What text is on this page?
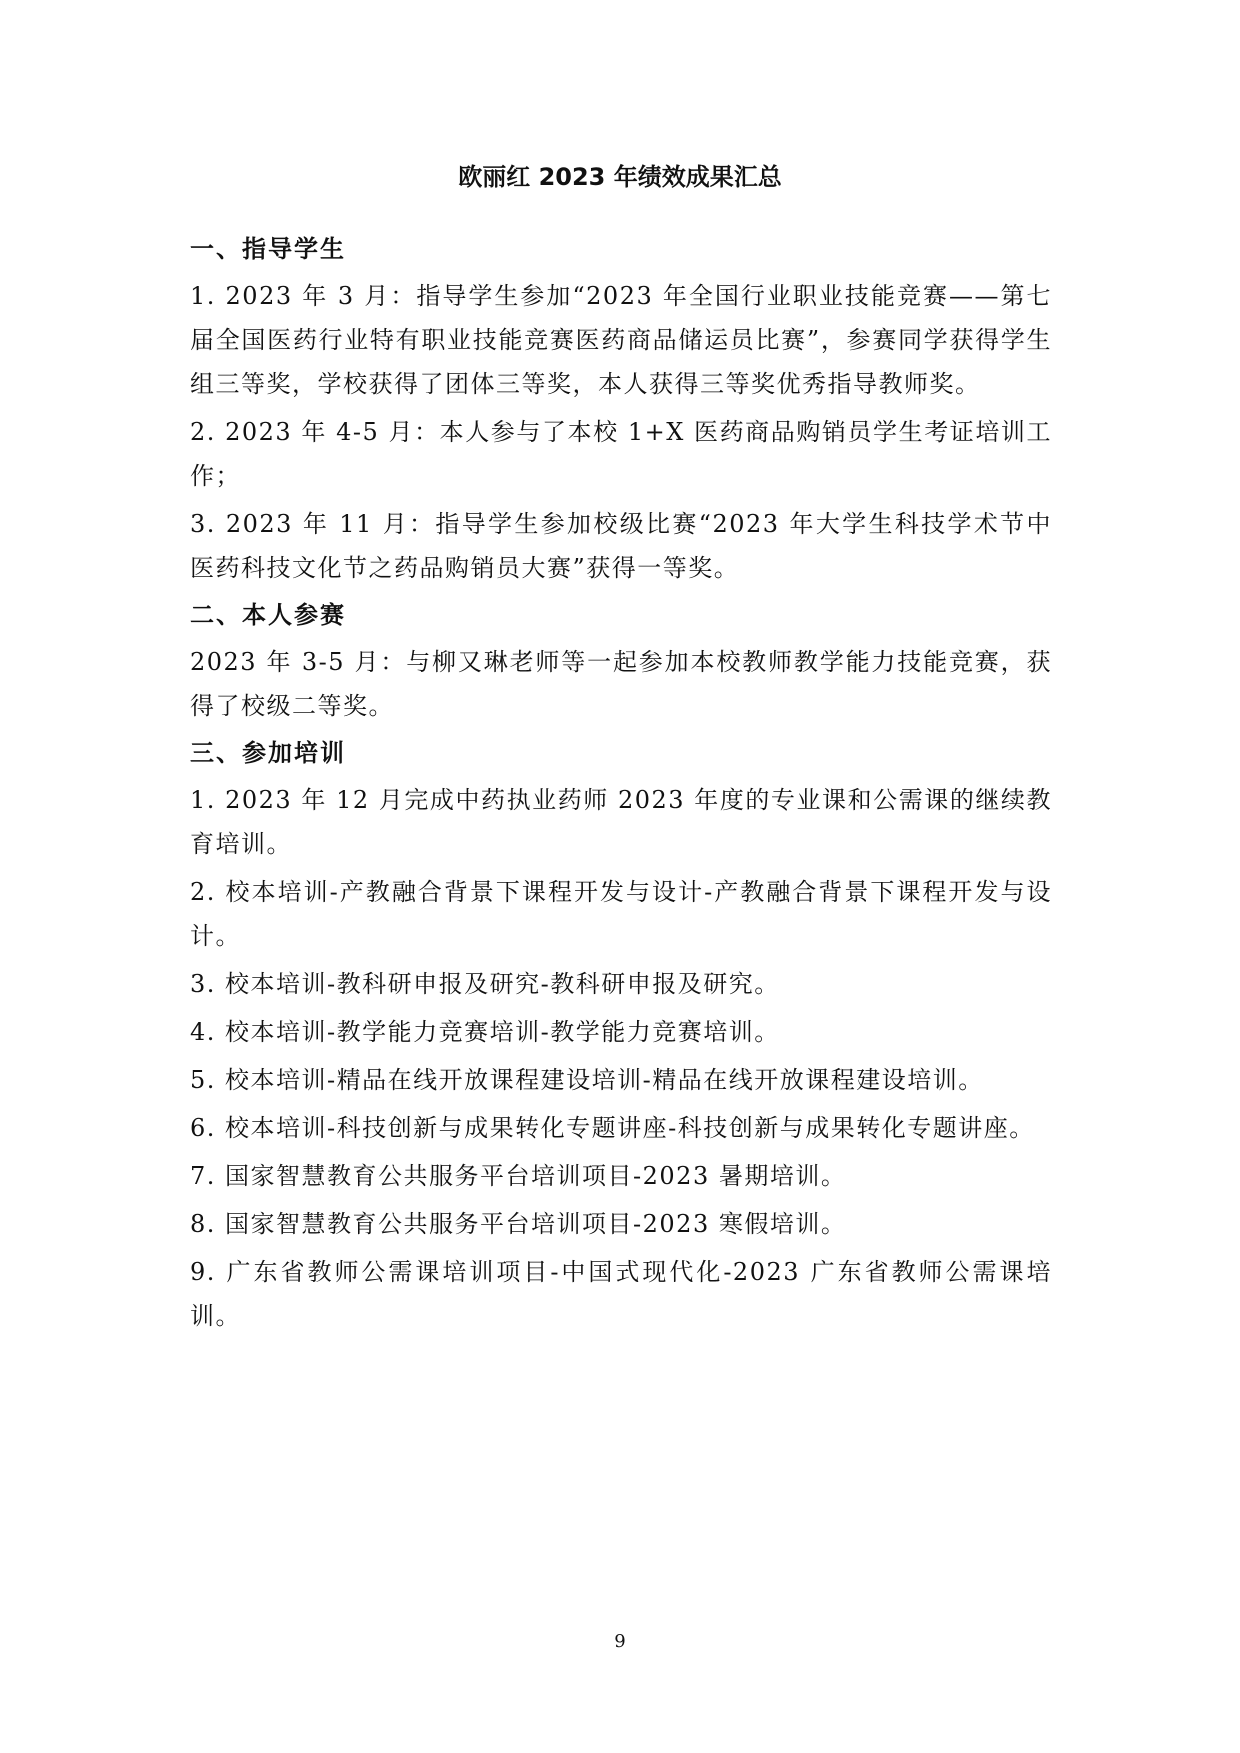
欧丽红 2023 年绩效成果汇总
一、指导学生

1. 2023 年 3 月：指导学生参加“2023 年全国行业职业技能竞赛——第七届全国医药行业特有职业技能竞赛医药商品储运员比赛”，参赛同学获得学生组三等奖，学校获得了团体三等奖，本人获得三等奖优秀指导教师奖。

2. 2023 年 4-5 月：本人参与了本校 1+X 医药商品购销员学生考证培训工作；

3. 2023 年 11 月：指导学生参加校级比赛“2023 年大学生科技学术节中医药科技文化节之药品购销员大赛”获得一等奖。

二、本人参赛

2023 年 3-5 月：与柳又琳老师等一起参加本校教师教学能力技能竞赛，获得了校级二等奖。

三、参加培训

1. 2023 年 12 月完成中药执业药师 2023 年度的专业课和公需课的继续教育培训。

2. 校本培训-产教融合背景下课程开发与设计-产教融合背景下课程开发与设计。

3. 校本培训-教科研申报及研究-教科研申报及研究。

4. 校本培训-教学能力竞赛培训-教学能力竞赛培训。

5. 校本培训-精品在线开放课程建设培训-精品在线开放课程建设培训。

6. 校本培训-科技创新与成果转化专题讲座-科技创新与成果转化专题讲座。

7. 国家智慧教育公共服务平台培训项目-2023 暑期培训。

8. 国家智慧教育公共服务平台培训项目-2023 寒假培训。

9. 广东省教师公需课培训项目-中国式现代化-2023 广东省教师公需课培训。

9
